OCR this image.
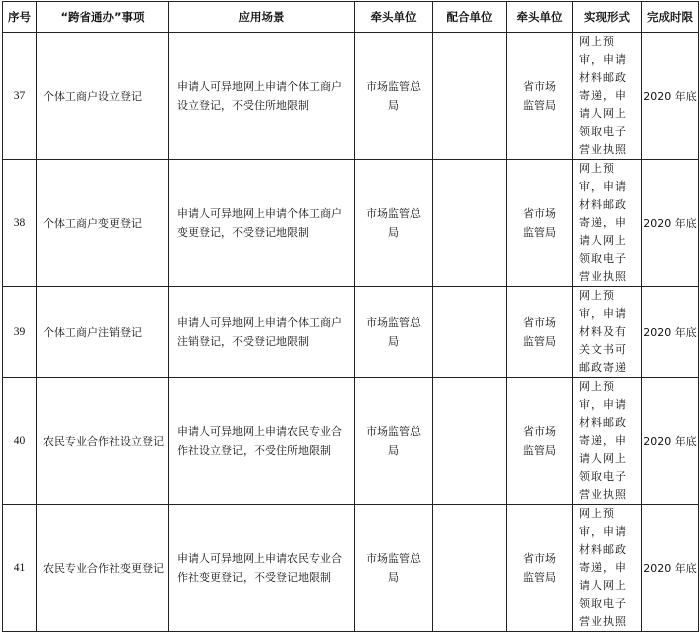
序号	“跨省通办”事项	应用场景	牵头单位	配合单位	牵头单位	实现形式	完成时限
37	个体工商户设立登记	申请人可异地网上申请个体工商户设立登记，不受住所地限制	市场监管总局		省市场监管局	网上预审，申请材料邮政寄递，申请人网上领取电子营业执照	2020 年底
38	个体工商户变更登记	申请人可异地网上申请个体工商户变更登记，不受登记地限制	市场监管总局		省市场监管局	网上预审，申请材料邮政寄递，申请人网上领取电子营业执照	2020 年底
39	个体工商户注销登记	申请人可异地网上申请个体工商户注销登记，不受登记地限制	市场监管总局		省市场监管局	网上预审，申请材料及有关文书可邮政寄递	2020 年底
40	农民专业合作社设立登记	申请人可异地网上申请农民专业合作社设立登记，不受住所地限制	市场监管总局		省市场监管局	网上预审，申请材料邮政寄递，申请人网上领取电子营业执照	2020 年底
41	农民专业合作社变更登记	申请人可异地网上申请农民专业合作社变更登记，不受登记地限制	市场监管总局		省市场监管局	网上预审，申请材料邮政寄递，申请人网上领取电子营业执照	2020 年底
